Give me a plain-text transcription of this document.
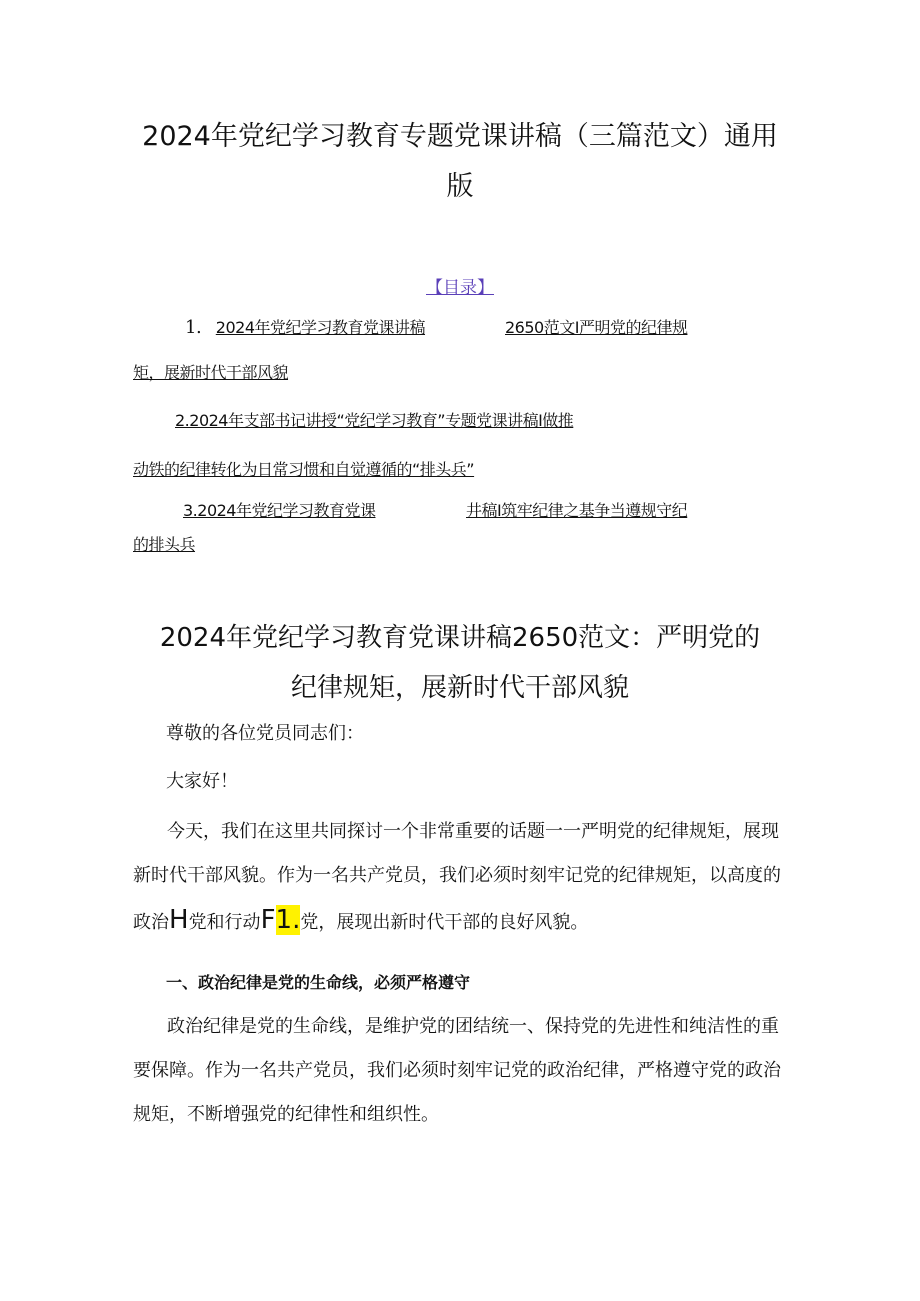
2024年党纪学习教育专题党课讲稿（三篇范文）通用
版
【目录】
1. 2024年党纪学习教育党课讲稿	2650范文I严明党的纪律规
矩，展新时代干部风貌
2.2024年支部书记讲授“党纪学习教育”专题党课讲稿I做推
动铁的纪律转化为日常习惯和自觉遵循的“排头兵”
3.2024年党纪学习教育党课	井稿I筑牢纪律之基争当遵规守纪
的排头兵
2024年党纪学习教育党课讲稿2650范文：严明党的
纪律规矩，展新时代干部风貌
尊敬的各位党员同志们：
大家好！
今天，我们在这里共同探讨一个非常重要的话题一一严明党的纪律规矩，展现新时代干部风貌。作为一名共产党员，我们必须时刻牢记党的纪律规矩，以高度的政治H党和行动F1.党，展现出新时代干部的良好风貌。
一、政治纪律是党的生命线，必须严格遵守
政治纪律是党的生命线，是维护党的团结统一、保持党的先进性和纯洁性的重要保障。作为一名共产党员，我们必须时刻牢记党的政治纪律，严格遵守党的政治规矩，不断增强党的纪律性和组织性。
